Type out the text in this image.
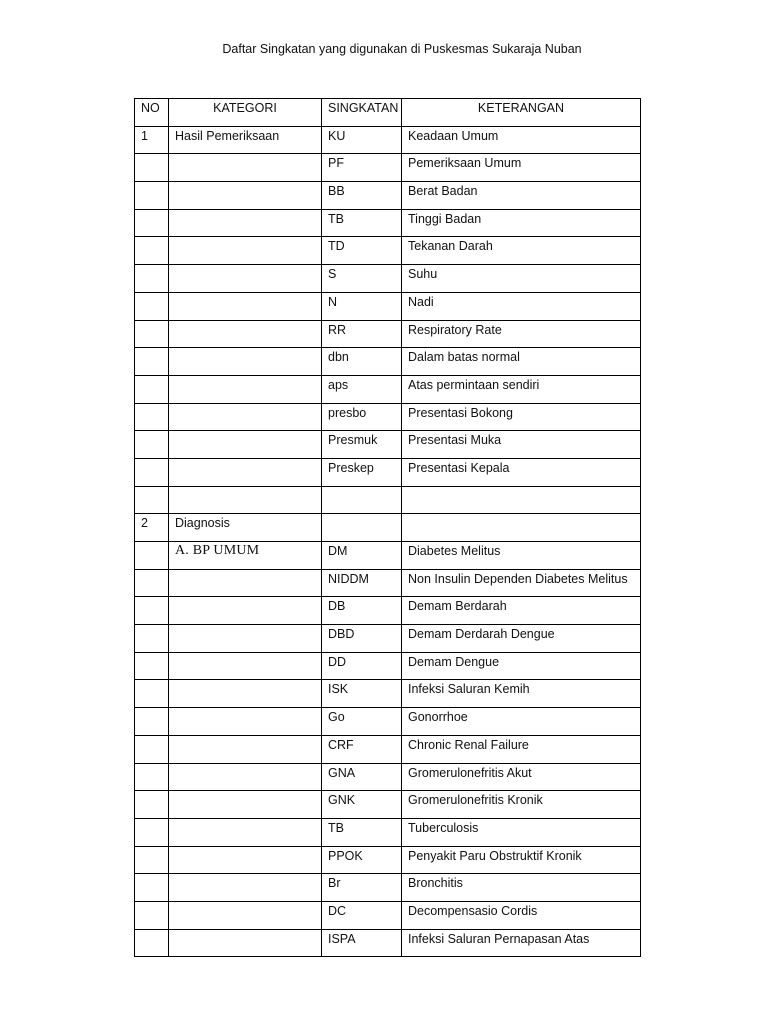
Daftar Singkatan yang digunakan di Puskesmas Sukaraja Nuban
NO	KATEGORI	SINGKATAN	KETERANGAN
1	Hasil Pemeriksaan	KU	Keadaan Umum
		PF	Pemeriksaan Umum
		BB	Berat Badan
		TB	Tinggi Badan
		TD	Tekanan Darah
		S	Suhu
		N	Nadi
		RR	Respiratory Rate
		dbn	Dalam batas normal
		aps	Atas permintaan sendiri
		presbo	Presentasi Bokong
		Presmuk	Presentasi Muka
		Preskep	Presentasi Kepala

2	Diagnosis		
	A. BP UMUM	DM	Diabetes Melitus
		NIDDM	Non Insulin Dependen Diabetes Melitus
		DB	Demam Berdarah
		DBD	Demam Derdarah Dengue
		DD	Demam Dengue
		ISK	Infeksi Saluran Kemih
		Go	Gonorrhoe
		CRF	Chronic Renal Failure
		GNA	Gromerulonefritis Akut
		GNK	Gromerulonefritis Kronik
		TB	Tuberculosis
		PPOK	Penyakit Paru Obstruktif Kronik
		Br	Bronchitis
		DC	Decompensasio Cordis
		ISPA	Infeksi Saluran Pernapasan Atas
